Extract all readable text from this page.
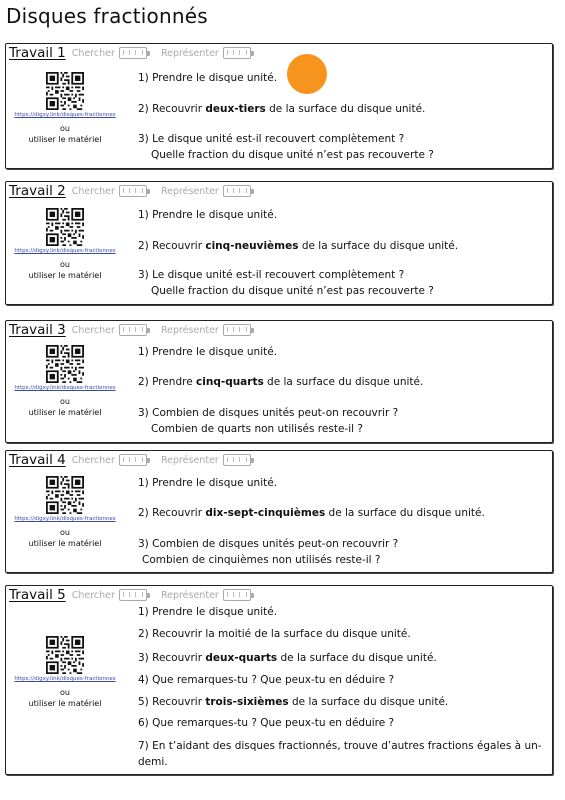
Disques fractionnés
Travail 1 Chercher	Représenter
https://digxy.link/disques-fractionnes
ou
utiliser le matériel
1) Prendre le disque unité.
2) Recouvrir deux-tiers de la surface du disque unité.
3) Le disque unité est-il recouvert complètement ?
Quelle fraction du disque unité n’est pas recouverte ?
Travail 2 Chercher	Représenter
https://digxy.link/disques-fractionnes
ou
utiliser le matériel
1) Prendre le disque unité.
2) Recouvrir cinq-neuvièmes de la surface du disque unité.
3) Le disque unité est-il recouvert complètement ?
Quelle fraction du disque unité n’est pas recouverte ?
Travail 3 Chercher	Représenter
https://digxy.link/disques-fractionnes
ou
utiliser le matériel
1) Prendre le disque unité.
2) Prendre cinq-quarts de la surface du disque unité.
3) Combien de disques unités peut-on recouvrir ?
Combien de quarts non utilisés reste-il ?
Travail 4 Chercher	Représenter
https://digxy.link/disques-fractionnes
ou
utiliser le matériel
1) Prendre le disque unité.
2) Recouvrir dix-sept-cinquièmes de la surface du disque unité.
3) Combien de disques unités peut-on recouvrir ?
Combien de cinquièmes non utilisés reste-il ?
Travail 5 Chercher	Représenter
https://digxy.link/disques-fractionnes
ou
utiliser le matériel
1) Prendre le disque unité.
2) Recouvrir la moitié de la surface du disque unité.
3) Recouvrir deux-quarts de la surface du disque unité.
4) Que remarques-tu ? Que peux-tu en déduire ?
5) Recouvrir trois-sixièmes de la surface du disque unité.
6) Que remarques-tu ? Que peux-tu en déduire ?
7) En t’aidant des disques fractionnés, trouve d’autres fractions égales à un-
demi.
